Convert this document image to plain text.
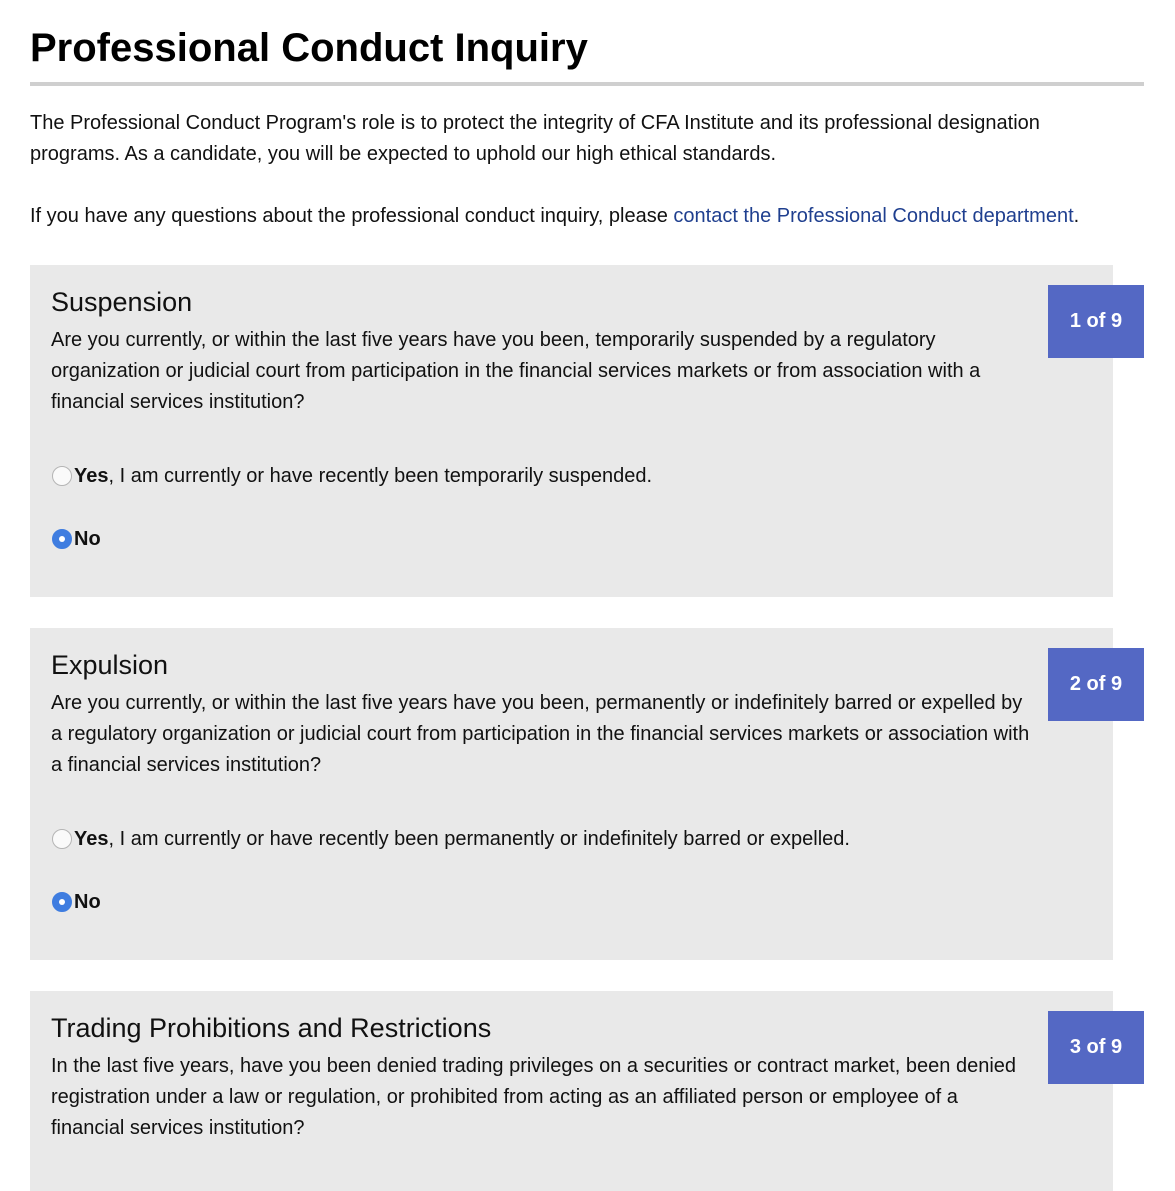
Professional Conduct Inquiry

The Professional Conduct Program's role is to protect the integrity of CFA Institute and its professional designation programs. As a candidate, you will be expected to uphold our high ethical standards.

If you have any questions about the professional conduct inquiry, please contact the Professional Conduct department.

Suspension
1 of 9

Are you currently, or within the last five years have you been, temporarily suspended by a regulatory organization or judicial court from participation in the financial services markets or from association with a financial services institution?

Yes , I am currently or have recently been temporarily suspended.
No
Expulsion
2 of 9

Are you currently, or within the last five years have you been, permanently or indefinitely barred or expelled by a regulatory organization or judicial court from participation in the financial services markets or association with a financial services institution?

Yes , I am currently or have recently been permanently or indefinitely barred or expelled.
No
Trading Prohibitions and Restrictions
3 of 9

In the last five years, have you been denied trading privileges on a securities or contract market, been denied registration under a law or regulation, or prohibited from acting as an affiliated person or employee of a financial services institution?
